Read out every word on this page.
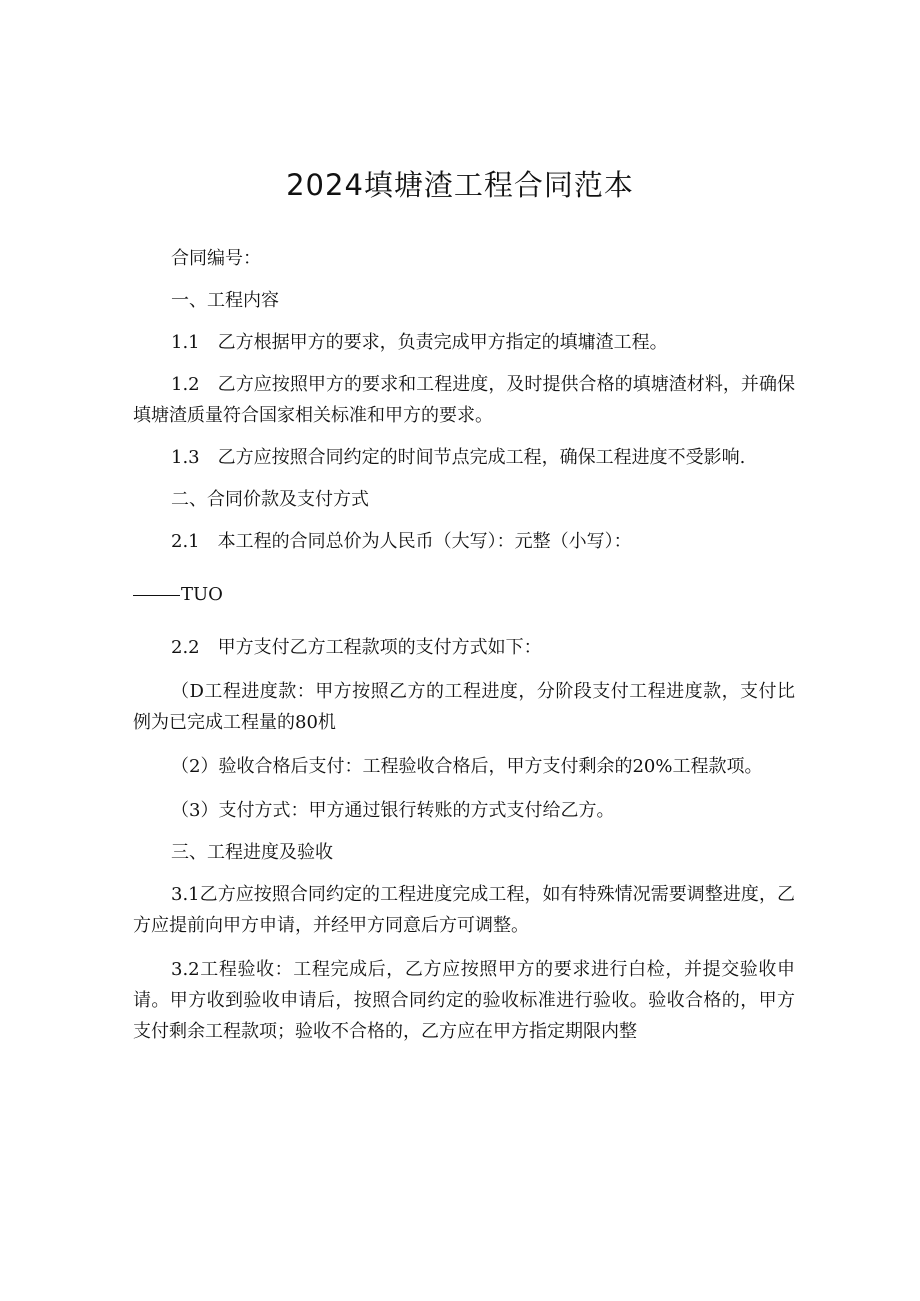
2024填塘渣工程合同范本

合同编号：

一、工程内容

1.1 乙方根据甲方的要求，负责完成甲方指定的填墉渣工程。

1.2 乙方应按照甲方的要求和工程进度，及时提供合格的填塘渣材料，并确保填塘渣质量符合国家相关标准和甲方的要求。

1.3 乙方应按照合同约定的时间节点完成工程，确保工程进度不受影响.

二、合同价款及支付方式

2.1 本工程的合同总价为人民币（大写）：元整（小写）：

TUO

2.2 甲方支付乙方工程款项的支付方式如下：

（D工程进度款：甲方按照乙方的工程进度，分阶段支付工程进度款，支付比例为已完成工程量的80机

（2）验收合格后支付：工程验收合格后，甲方支付剩余的20%工程款项。

（3）支付方式：甲方通过银行转账的方式支付给乙方。

三、工程进度及验收

3.1乙方应按照合同约定的工程进度完成工程，如有特殊情况需要调整进度，乙方应提前向甲方申请，并经甲方同意后方可调整。

3.2工程验收：工程完成后，乙方应按照甲方的要求进行白检，并提交验收申请。甲方收到验收申请后，按照合同约定的验收标准进行验收。验收合格的，甲方支付剩余工程款项；验收不合格的，乙方应在甲方指定期限内整
